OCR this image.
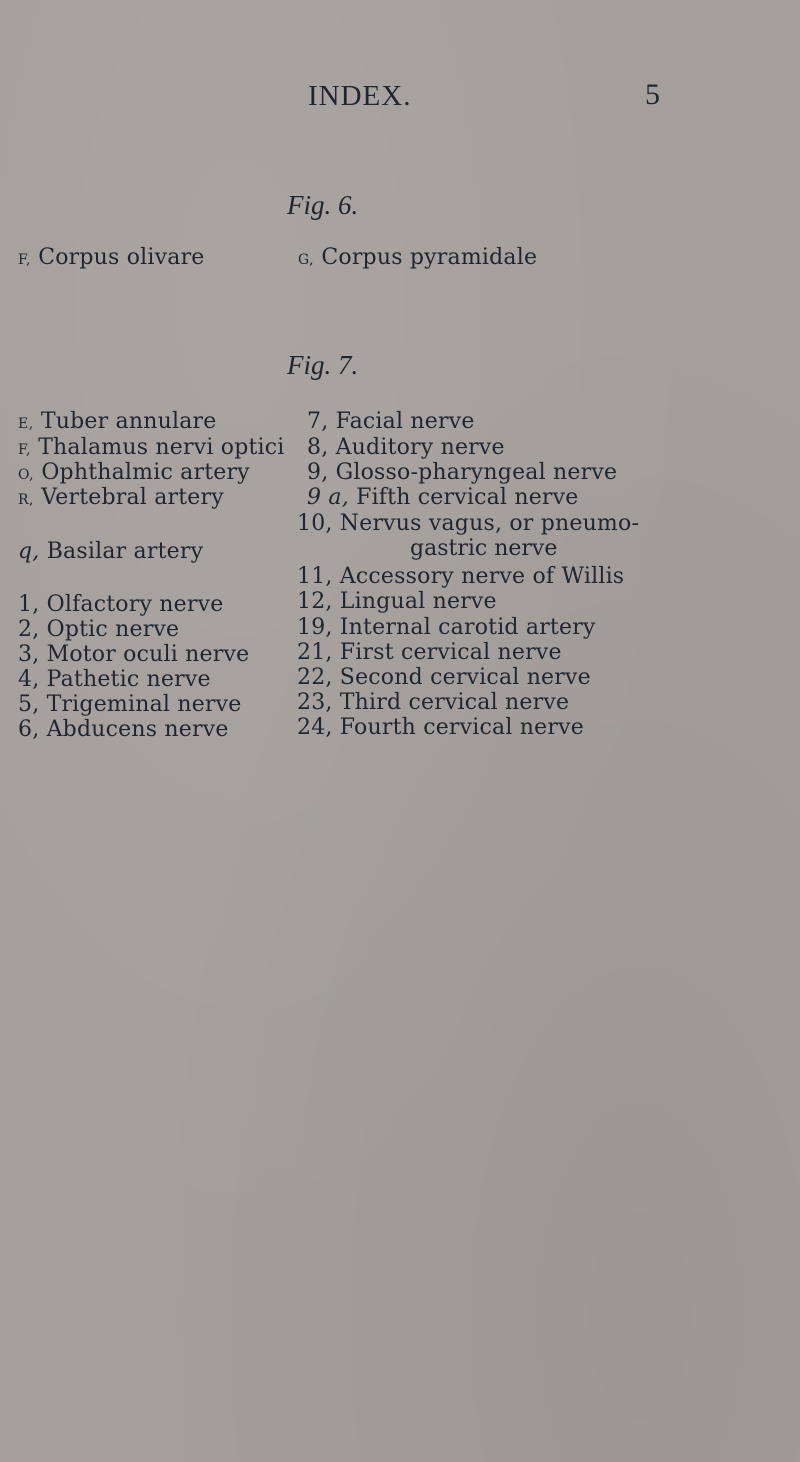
INDEX.	5
Fig. 6.
F, Corpus olivare	G, Corpus pyramidale
Fig. 7.
E, Tuber annulare
F, Thalamus nervi optici
O, Ophthalmic artery
R, Vertebral artery
q, Basilar artery
1, Olfactory nerve
2, Optic nerve
3, Motor oculi nerve
4, Pathetic nerve
5, Trigeminal nerve
6, Abducens nerve
7, Facial nerve
8, Auditory nerve
9, Glosso-pharyngeal nerve
9 a, Fifth cervical nerve
10, Nervus vagus, or pneumo-
gastric nerve
11, Accessory nerve of Willis
12, Lingual nerve
19, Internal carotid artery
21, First cervical nerve
22, Second cervical nerve
23, Third cervical nerve
24, Fourth cervical nerve
